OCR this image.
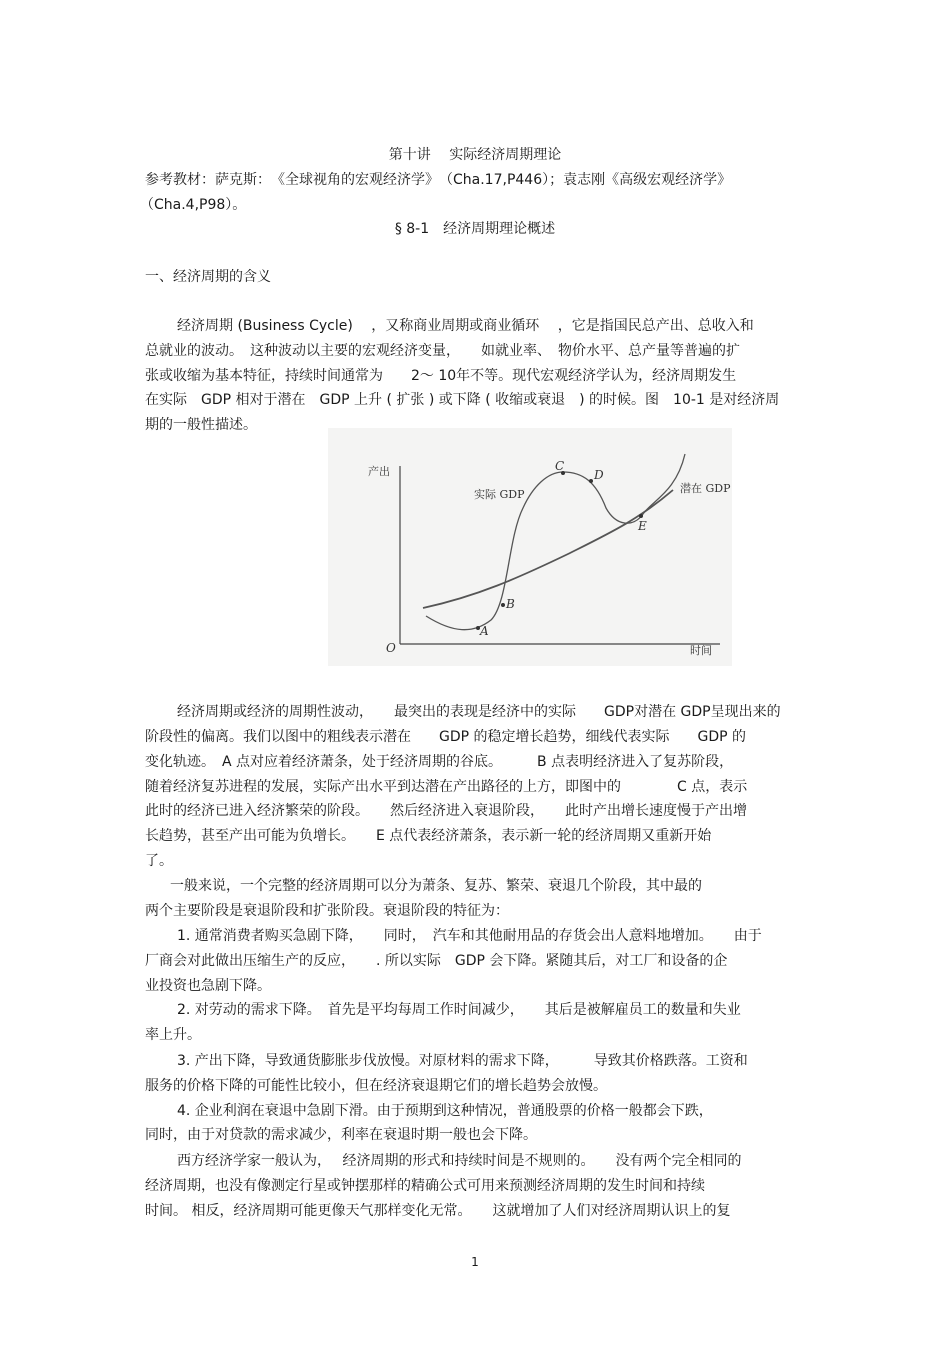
第十讲　 实际经济周期理论
参考教材：萨克斯：　《全球视角的宏观经济学》　（Cha.17,P446）；袁志刚《高级宏观经济学》
（Cha.4,P98）。
§ 8-1　经济周期理论概述
一、经济周期的含义
经济周期 (Business Cycle)　 ，又称商业周期或商业循环　 ，它是指国民总产出、总收入和
总就业的波动。　这种波动以主要的宏观经济变量，　　如就业率、　物价水平、总产量等普遍的扩
张或收缩为基本特征，持续时间通常为　　2～ 10年不等。现代宏观经济学认为，经济周期发生
在实际　GDP 相对于潜在　GDP 上升 ( 扩张 ) 或下降 ( 收缩或衰退　) 的时候。图　10-1 是对经济周
期的一般性描述。
产出
时间
O
实际 GDP	潜在 GDP
A
B
C
D
E
经济周期或经济的周期性波动，　　最突出的表现是经济中的实际　　GDP对潜在 GDP呈现出来的
阶段性的偏离。我们以图中的粗线表示潜在　　GDP 的稳定增长趋势，细线代表实际　　GDP 的
变化轨迹。　A 点对应着经济萧条，处于经济周期的谷底。　　　B 点表明经济进入了复苏阶段，
随着经济复苏进程的发展，实际产出水平到达潜在产出路径的上方，即图中的　　　　C 点，表示
此时的经济已进入经济繁荣的阶段。　　然后经济进入衰退阶段，　　此时产出增长速度慢于产出增
长趋势，甚至产出可能为负增长。　　E 点代表经济萧条，表示新一轮的经济周期又重新开始
了。
一般来说，一个完整的经济周期可以分为萧条、复苏、繁荣、衰退几个阶段，其中最的
两个主要阶段是衰退阶段和扩张阶段。衰退阶段的特征为：
1. 通常消费者购买急剧下降，　　同时，　汽车和其他耐用品的存货会出人意料地增加。　　由于
厂商会对此做出压缩生产的反应，　　. 所以实际　GDP 会下降。紧随其后，对工厂和设备的企
业投资也急剧下降。
2. 对劳动的需求下降。　首先是平均每周工作时间减少，　　其后是被解雇员工的数量和失业
率上升。
3. 产出下降，导致通货膨胀步伐放慢。对原材料的需求下降，　　　导致其价格跌落。工资和
服务的价格下降的可能性比较小，但在经济衰退期它们的增长趋势会放慢。
4. 企业利润在衰退中急剧下滑。由于预期到这种情况，普通股票的价格一般都会下跌，
同时，由于对贷款的需求减少，利率在衰退时期一般也会下降。
西方经济学家一般认为，　 经济周期的形式和持续时间是不规则的。　　没有两个完全相同的
经济周期，也没有像测定行星或钟摆那样的精确公式可用来预测经济周期的发生时间和持续
时间。 相反，经济周期可能更像天气那样变化无常。　　这就增加了人们对经济周期认识上的复
1
